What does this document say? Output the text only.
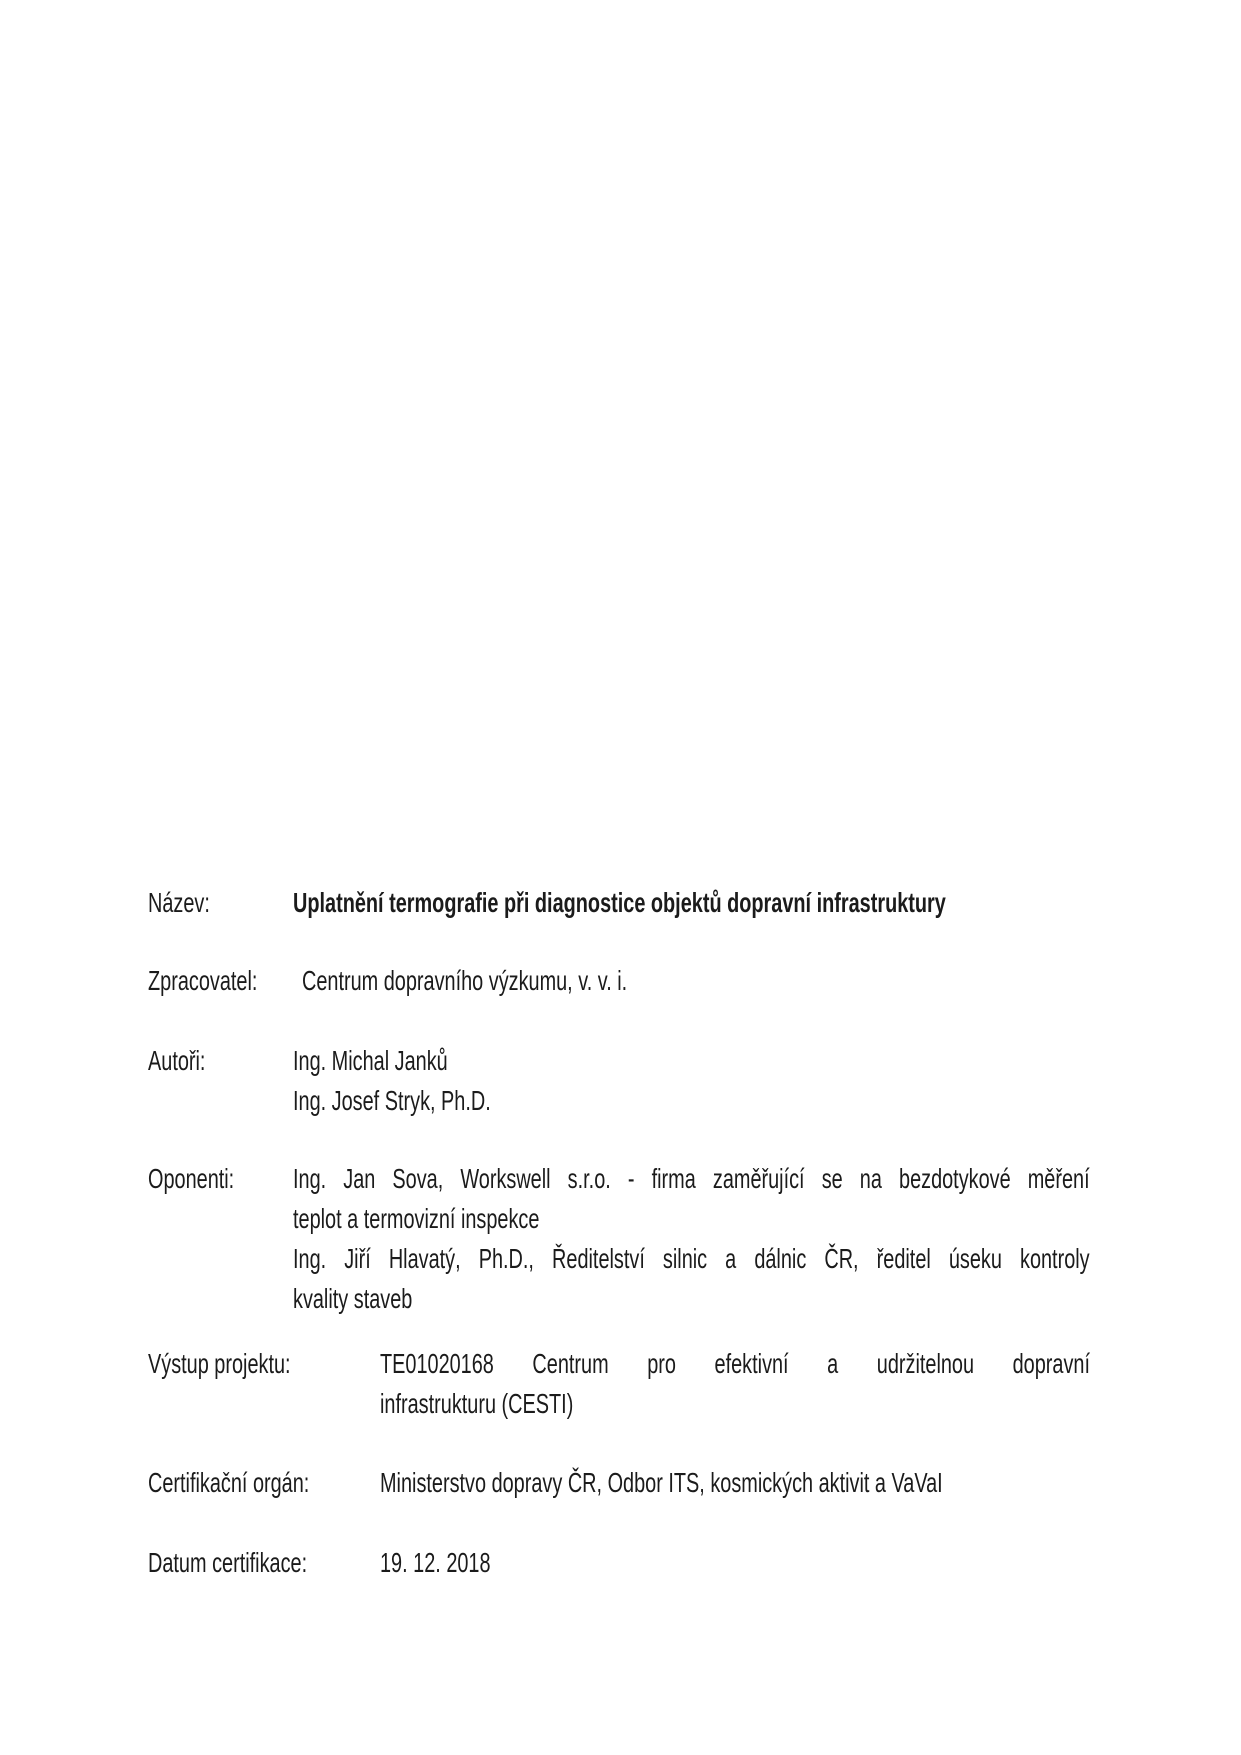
Název:	Uplatnění termografie při diagnostice objektů dopravní infrastruktury
Zpracovatel: Centrum dopravního výzkumu, v. v. i.
Autoři:	Ing. Michal Janků
Ing. Josef Stryk, Ph.D.
Oponenti:	Ing. Jan Sova, Workswell s.r.o. - firma zaměřující se na bezdotykové měření
teplot a termovizní inspekce
Ing. Jiří Hlavatý, Ph.D., Ředitelství silnic a dálnic ČR, ředitel úseku kontroly
kvality staveb
Výstup projektu:	TE01020168 Centrum pro efektivní a udržitelnou dopravní
infrastrukturu (CESTI)
Certifikační orgán:	Ministerstvo dopravy ČR, Odbor ITS, kosmických aktivit a VaVaI
Datum certifikace:	19. 12. 2018
